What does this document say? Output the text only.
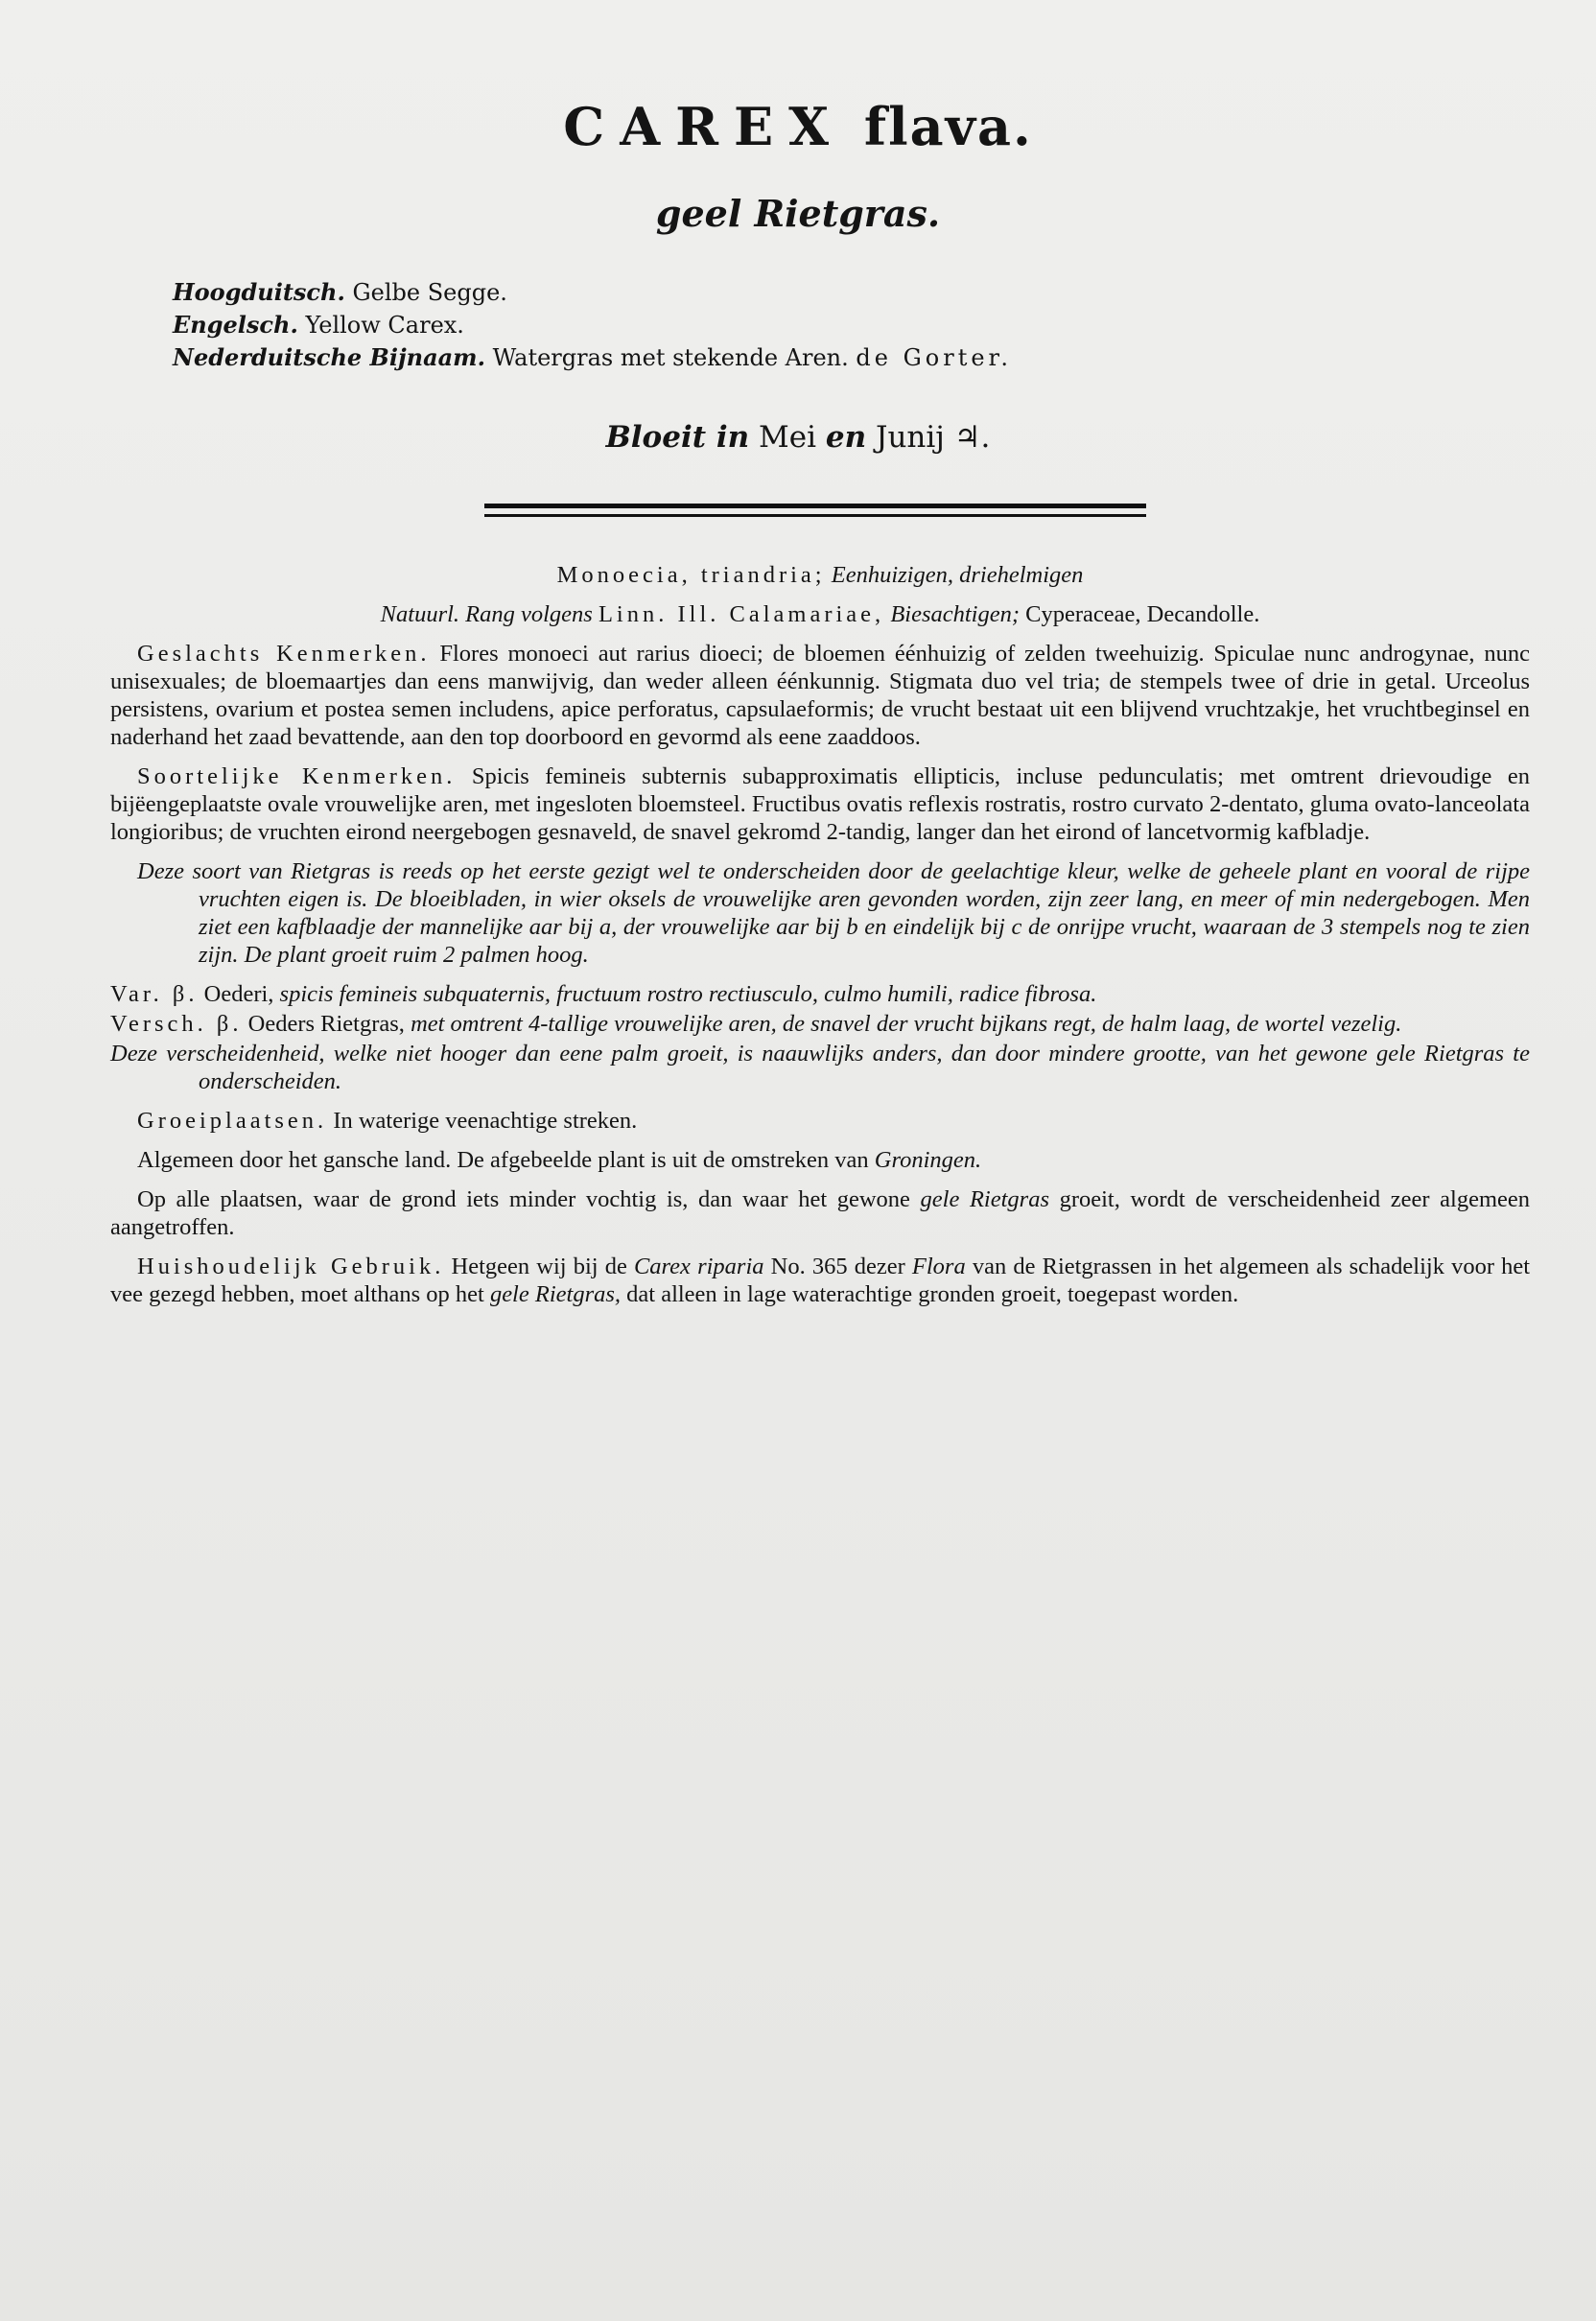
CAREX flava.
geel Rietgras.
Hoogduitsch. Gelbe Segge.
Engelsch. Yellow Carex.
Nederduitsche Bijnaam. Watergras met stekende Aren. de Gorter.
Bloeit in Mei en Junij ♃.

Monoecia, triandria; Eenhuizigen, driehelmigen

Natuurl. Rang volgens Linn. Ill. Calamariae, Biesachtigen; Cyperaceae, Decandolle.

Geslachts Kenmerken. Flores monoeci aut rarius dioeci; de bloemen éénhuizig of zelden tweehuizig. Spiculae nunc androgynae, nunc unisexuales; de bloemaartjes dan eens manwijvig, dan weder alleen éénkunnig. Stigmata duo vel tria; de stempels twee of drie in getal. Urceolus persistens, ovarium et postea semen includens, apice perforatus, capsulaeformis; de vrucht bestaat uit een blijvend vruchtzakje, het vruchtbeginsel en naderhand het zaad bevattende, aan den top doorboord en gevormd als eene zaaddoos.

Soortelijke Kenmerken. Spicis femineis subternis subapproximatis ellipticis, incluse pedunculatis; met omtrent drievoudige en bijëengeplaatste ovale vrouwelijke aren, met ingesloten bloemsteel. Fructibus ovatis reflexis rostratis, rostro curvato 2-dentato, gluma ovato-lanceolata longioribus; de vruchten eirond neergebogen gesnaveld, de snavel gekromd 2-tandig, langer dan het eirond of lancetvormig kafbladje.

Deze soort van Rietgras is reeds op het eerste gezigt wel te onderscheiden door de geelachtige kleur, welke de geheele plant en vooral de rijpe vruchten eigen is. De bloeibladen, in wier oksels de vrouwelijke aren gevonden worden, zijn zeer lang, en meer of min nedergebogen. Men ziet een kafblaadje der mannelijke aar bij a, der vrouwelijke aar bij b en eindelijk bij c de onrijpe vrucht, waaraan de 3 stempels nog te zien zijn. De plant groeit ruim 2 palmen hoog.

Var. β. Oederi, spicis femineis subquaternis, fructuum rostro rectiusculo, culmo humili, radice fibrosa.

Versch. β. Oeders Rietgras, met omtrent 4-tallige vrouwelijke aren, de snavel der vrucht bijkans regt, de halm laag, de wortel vezelig.

Deze verscheidenheid, welke niet hooger dan eene palm groeit, is naauwlijks anders, dan door mindere grootte, van het gewone gele Rietgras te onderscheiden.

Groeiplaatsen. In waterige veenachtige streken.

Algemeen door het gansche land. De afgebeelde plant is uit de omstreken van Groningen.

Op alle plaatsen, waar de grond iets minder vochtig is, dan waar het gewone gele Rietgras groeit, wordt de verscheidenheid zeer algemeen aangetroffen.

Huishoudelijk Gebruik. Hetgeen wij bij de Carex riparia No. 365 dezer Flora van de Rietgrassen in het algemeen als schadelijk voor het vee gezegd hebben, moet althans op het gele Rietgras, dat alleen in lage waterachtige gronden groeit, toegepast worden.
